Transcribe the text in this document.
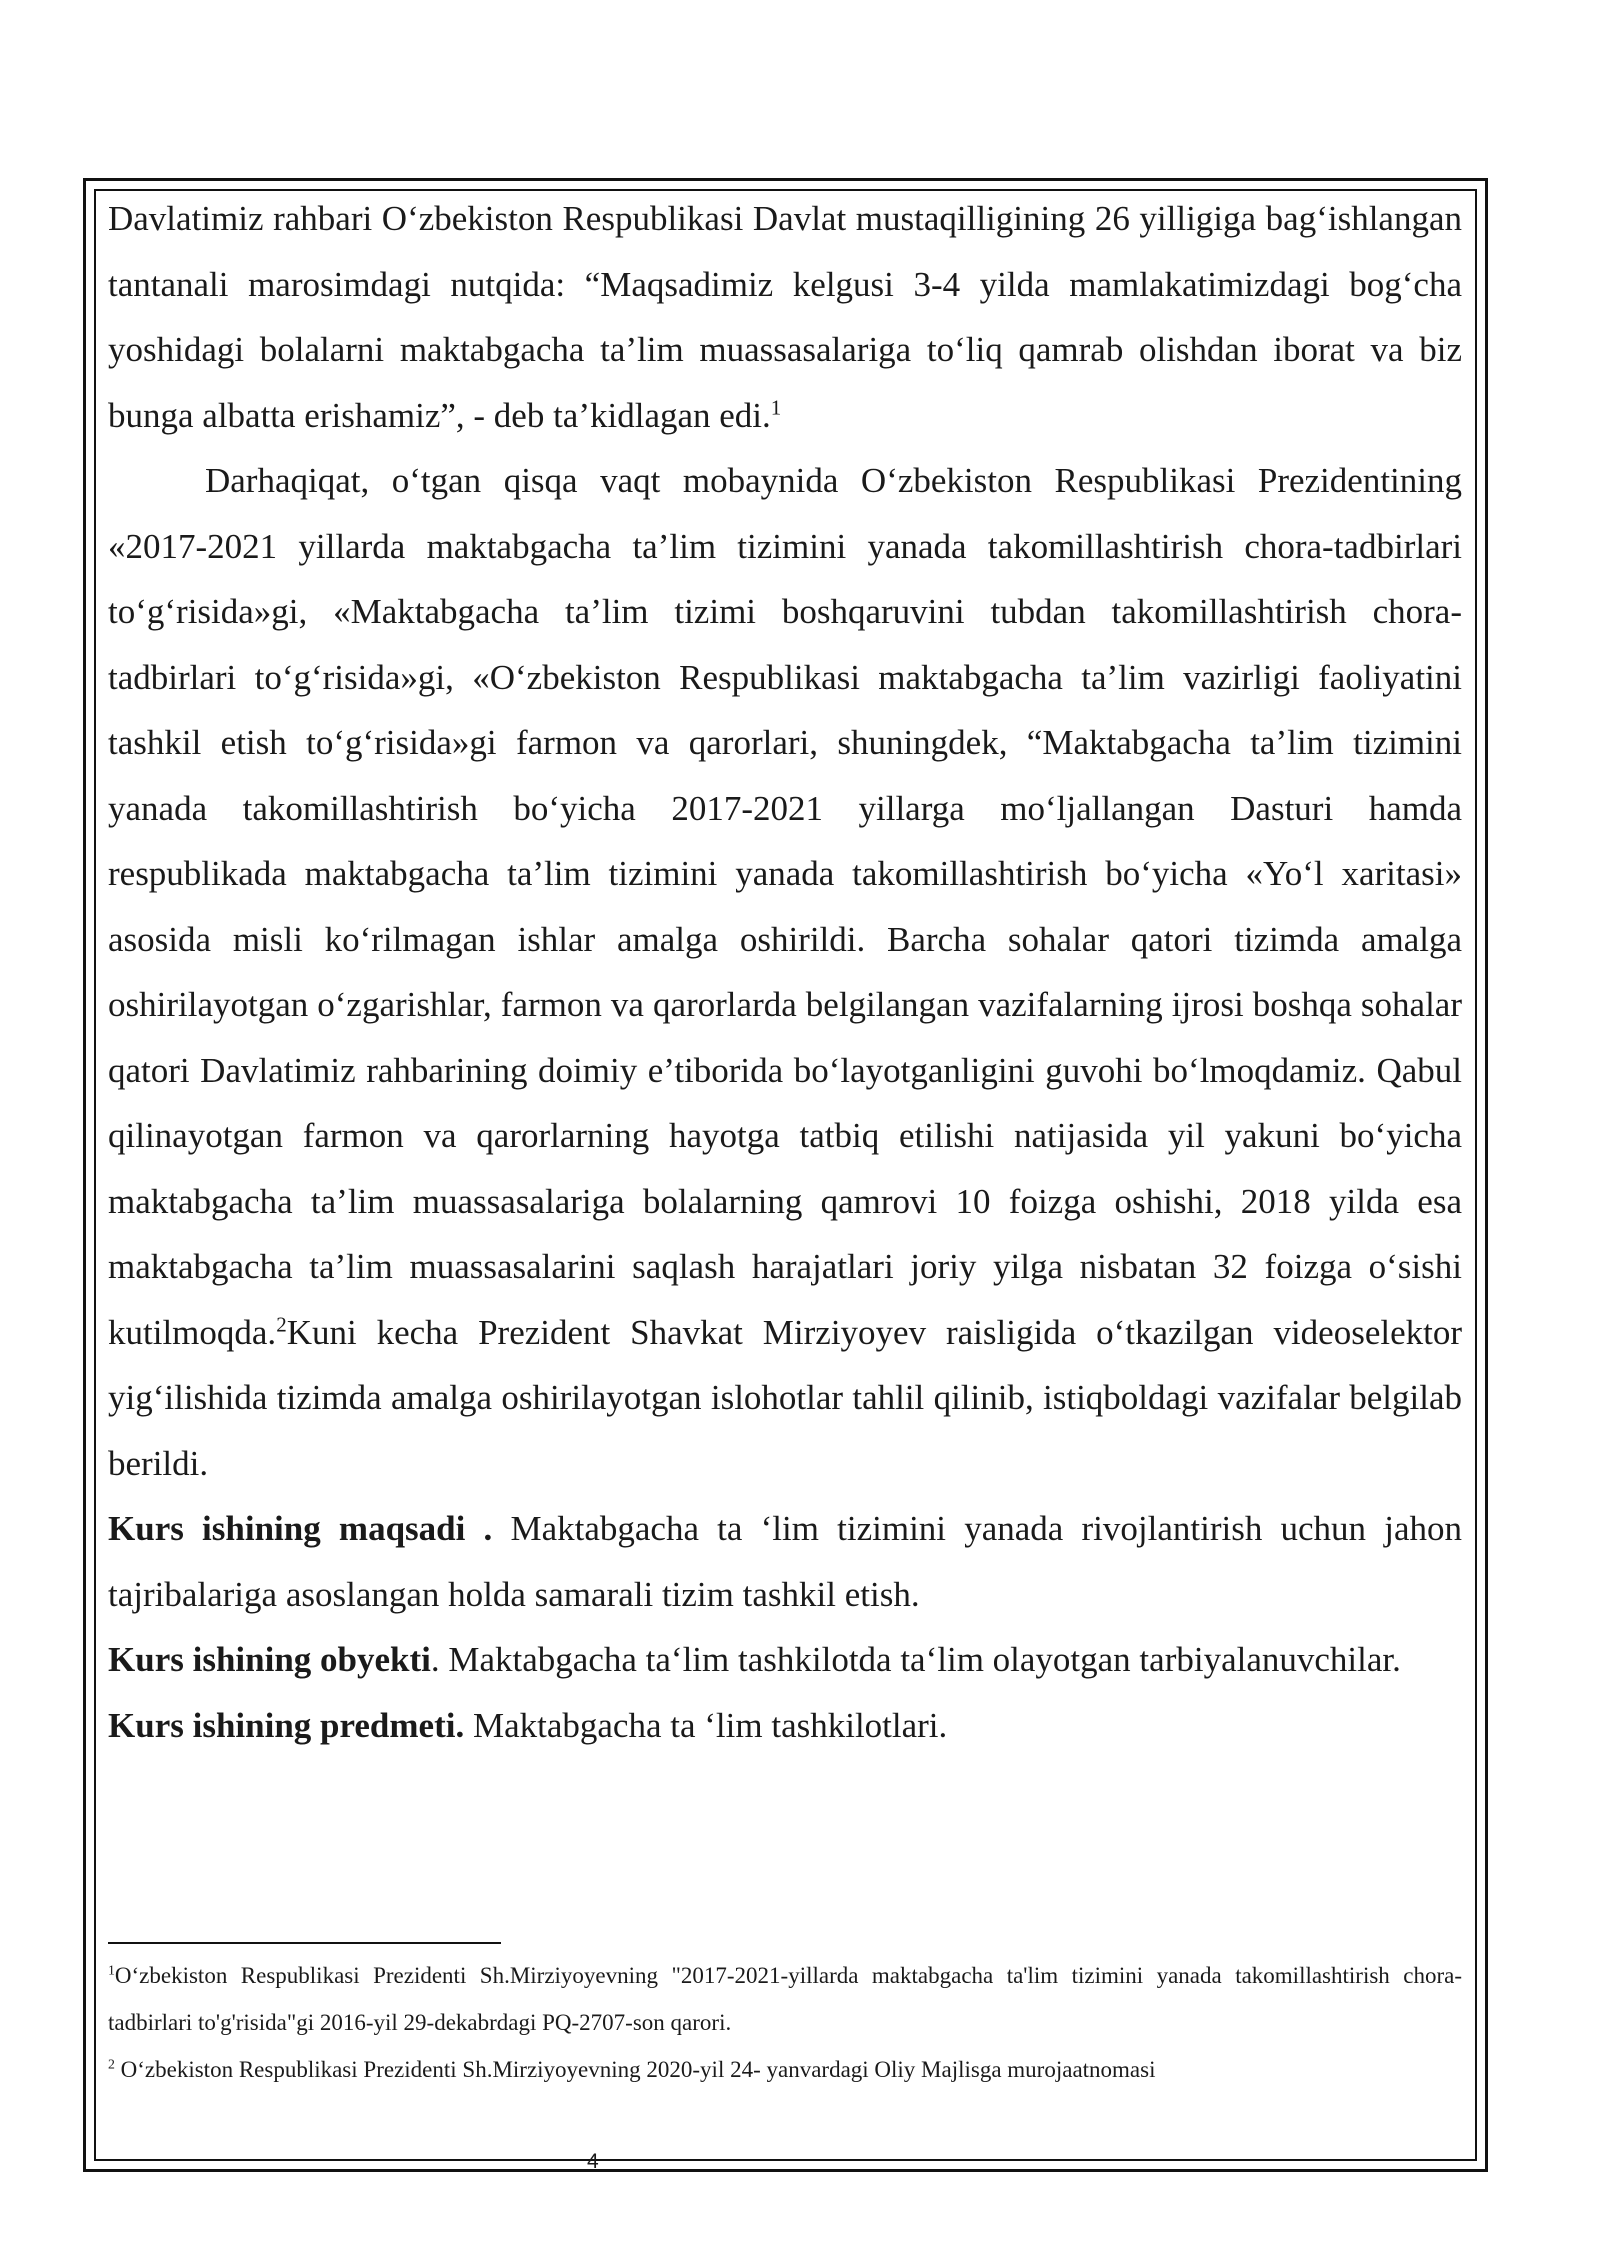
Davlatimiz rahbari O‘zbekiston Respublikasi Davlat mustaqilligining 26 yilligiga bag‘ishlangan tantanali marosimdagi nutqida: “Maqsadimiz kelgusi 3-4 yilda mamlakatimizdagi bog‘cha yoshidagi bolalarni maktabgacha ta’lim muassasalariga to‘liq qamrab olishdan iborat va biz bunga albatta erishamiz”, - deb ta’kidlagan edi.$^1$

Darhaqiqat, o‘tgan qisqa vaqt mobaynida O‘zbekiston Respublikasi Prezidentining «2017-2021 yillarda maktabgacha ta’lim tizimini yanada takomillashtirish chora-tadbirlari to‘g‘risida»gi, «Maktabgacha ta’lim tizimi boshqaruvini tubdan takomillashtirish chora-tadbirlari to‘g‘risida»gi, «O‘zbekiston Respublikasi maktabgacha ta’lim vazirligi faoliyatini tashkil etish to‘g‘risida»gi farmon va qarorlari, shuningdek, “Maktabgacha ta’lim tizimini yanada takomillashtirish bo‘yicha 2017-2021 yillarga mo‘ljallangan Dasturi hamda respublikada maktabgacha ta’lim tizimini yanada takomillashtirish bo‘yicha «Yo‘l xaritasi» asosida misli ko‘rilmagan ishlar amalga oshirildi. Barcha sohalar qatori tizimda amalga oshirilayotgan o‘zgarishlar, farmon va qarorlarda belgilangan vazifalarning ijrosi boshqa sohalar qatori Davlatimiz rahbarining doimiy e’tiborida bo‘layotganligini guvohi bo‘lmoqdamiz. Qabul qilinayotgan farmon va qarorlarning hayotga tatbiq etilishi natijasida yil yakuni bo‘yicha maktabgacha ta’lim muassasalariga bolalarning qamrovi 10 foizga oshishi, 2018 yilda esa maktabgacha ta’lim muassasalarini saqlash harajatlari joriy yilga nisbatan 32 foizga o‘sishi kutilmoqda.$^2$Kuni kecha Prezident Shavkat Mirziyoyev raisligida o‘tkazilgan videoselektor yig‘ilishida tizimda amalga oshirilayotgan islohotlar tahlil qilinib, istiqboldagi vazifalar belgilab berildi.

Kurs ishining maqsadi . Maktabgacha ta ‘lim tizimini yanada rivojlantirish uchun jahon tajribalariga asoslangan holda samarali tizim tashkil etish.

Kurs ishining obyekti. Maktabgacha ta‘lim tashkilotda ta‘lim olayotgan tarbiyalanuvchilar.

Kurs ishining predmeti. Maktabgacha ta ‘lim tashkilotlari.

$^1$O‘zbekiston Respublikasi Prezidenti Sh.Mirziyoyevning "2017-2021-yillarda maktabgacha ta'lim tizimini yanada takomillashtirish chora-tadbirlari to'g'risida"gi 2016-yil 29-dekabrdagi PQ-2707-son qarori.

$^2$ O‘zbekiston Respublikasi Prezidenti Sh.Mirziyoyevning 2020-yil 24- yanvardagi Oliy Majlisga murojaatnomasi

4
